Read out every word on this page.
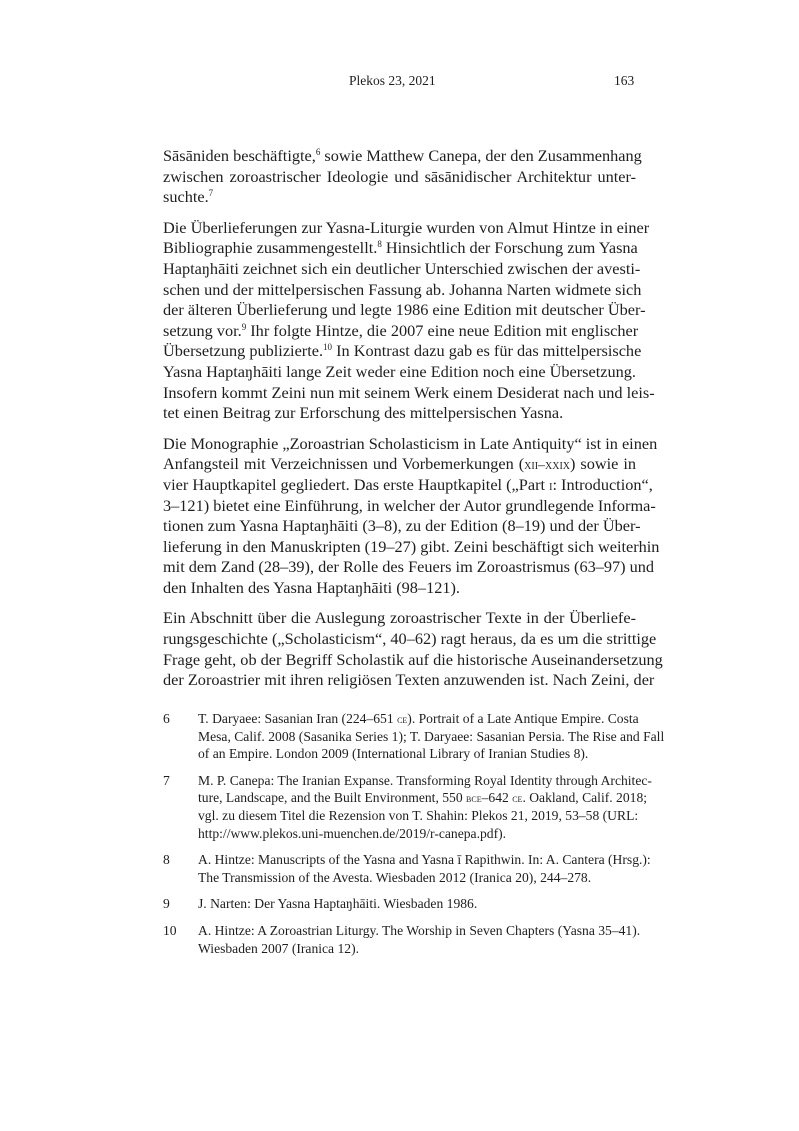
Plekos 23, 2021	163
Sāsāniden beschäftigte,$^6$ sowie Matthew Canepa, der den Zusammenhang
zwischen zoroastrischer Ideologie und sāsānidischer Architektur unter-
suchte.$^7$
Die Überlieferungen zur Yasna-Liturgie wurden von Almut Hintze in einer
Bibliographie zusammengestellt.$^8$ Hinsichtlich der Forschung zum Yasna
Haptaŋhāiti zeichnet sich ein deutlicher Unterschied zwischen der avesti-
schen und der mittelpersischen Fassung ab. Johanna Narten widmete sich
der älteren Überlieferung und legte 1986 eine Edition mit deutscher Über-
setzung vor.$^9$ Ihr folgte Hintze, die 2007 eine neue Edition mit englischer
Übersetzung publizierte.$^{10}$ In Kontrast dazu gab es für das mittelpersische
Yasna Haptaŋhāiti lange Zeit weder eine Edition noch eine Übersetzung.
Insofern kommt Zeini nun mit seinem Werk einem Desiderat nach und leis-
tet einen Beitrag zur Erforschung des mittelpersischen Yasna.
Die Monographie „Zoroastrian Scholasticism in Late Antiquity“ ist in einen
Anfangsteil mit Verzeichnissen und Vorbemerkungen (xii–xxix) sowie in
vier Hauptkapitel gegliedert. Das erste Hauptkapitel („Part i: Introduction“,
3–121) bietet eine Einführung, in welcher der Autor grundlegende Informa-
tionen zum Yasna Haptaŋhāiti (3–8), zu der Edition (8–19) und der Über-
lieferung in den Manuskripten (19–27) gibt. Zeini beschäftigt sich weiterhin
mit dem Zand (28–39), der Rolle des Feuers im Zoroastrismus (63–97) und
den Inhalten des Yasna Haptaŋhāiti (98–121).
Ein Abschnitt über die Auslegung zoroastrischer Texte in der Überliefe-
rungsgeschichte („Scholasticism“, 40–62) ragt heraus, da es um die strittige
Frage geht, ob der Begriff Scholastik auf die historische Auseinandersetzung
der Zoroastrier mit ihren religiösen Texten anzuwenden ist. Nach Zeini, der
6 T. Daryaee: Sasanian Iran (224–651 ce). Portrait of a Late Antique Empire. Costa
Mesa, Calif. 2008 (Sasanika Series 1); T. Daryaee: Sasanian Persia. The Rise and Fall
of an Empire. London 2009 (International Library of Iranian Studies 8).
7 M. P. Canepa: The Iranian Expanse. Transforming Royal Identity through Architec-
ture, Landscape, and the Built Environment, 550 bce–642 ce. Oakland, Calif. 2018;
vgl. zu diesem Titel die Rezension von T. Shahin: Plekos 21, 2019, 53–58 (URL:
http://www.plekos.uni-muenchen.de/2019/r-canepa.pdf).
8 A. Hintze: Manuscripts of the Yasna and Yasna ī Rapithwin. In: A. Cantera (Hrsg.):
The Transmission of the Avesta. Wiesbaden 2012 (Iranica 20), 244–278.
9 J. Narten: Der Yasna Haptaŋhāiti. Wiesbaden 1986.
10 A. Hintze: A Zoroastrian Liturgy. The Worship in Seven Chapters (Yasna 35–41).
Wiesbaden 2007 (Iranica 12).
